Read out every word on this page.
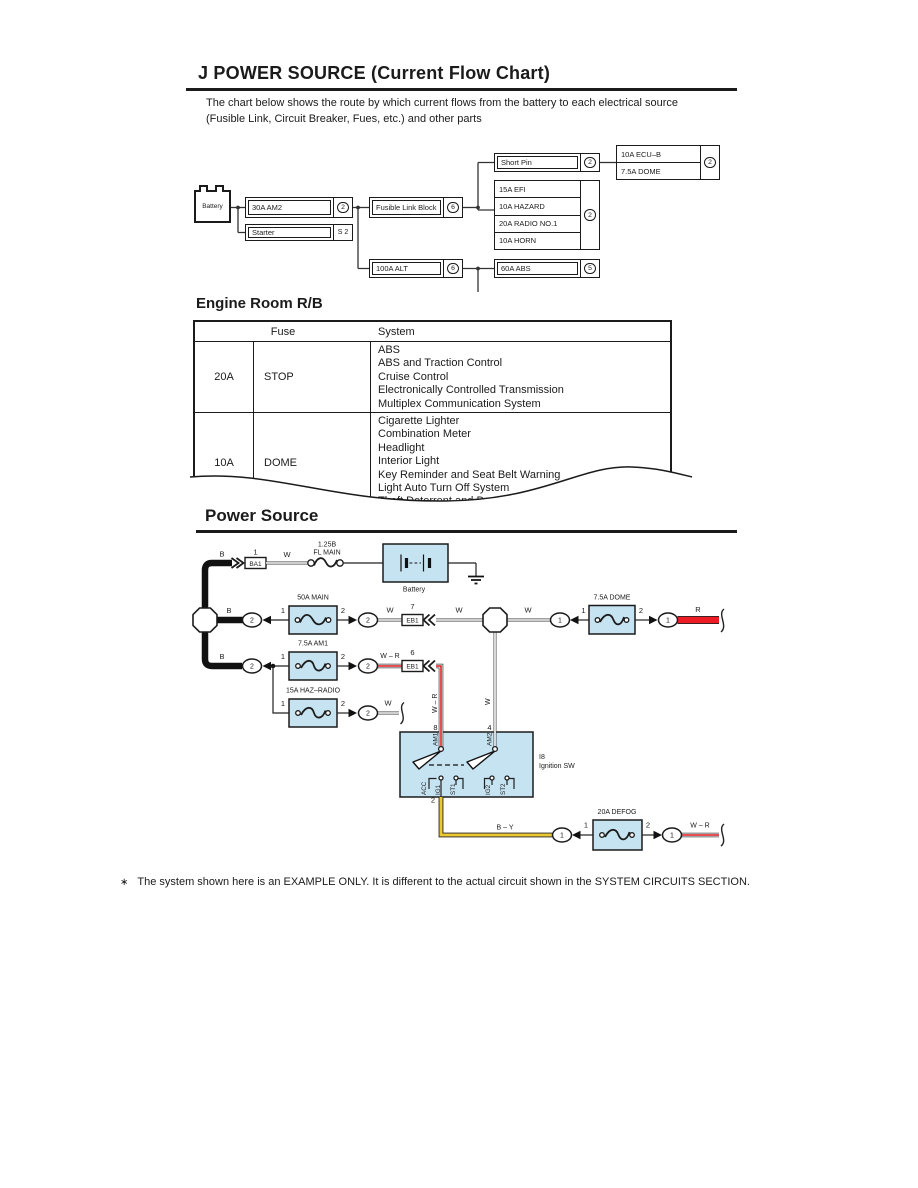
J POWER SOURCE (Current Flow Chart)
The chart below shows the route by which current flows from the battery to each electrical source
(Fusible Link, Circuit Breaker, Fues, etc.) and other parts
Battery	30A AM2	2
Starter	S 2
Fusible Link Block	6
100A ALT	6
Short Pin	2
15A EFI
10A HAZARD
20A RADIO NO.1
10A HORN
2
10A ECU–B
7.5A DOME
2
60A ABS	5
Engine Room R/B
Fuse	System
20A	STOP
ABS
ABS and Traction Control
Cruise Control
Electronically Controlled Transmission
Multiplex Communication System
10A	DOME
Cigarette Lighter
Combination Meter
Headlight
Interior Light
Key Reminder and Seat Belt Warning
Light Auto Turn Off System
Power Source
B	1
BA1
W
1.25B
FL MAIN
Battery
B
2
1
50A MAIN
2
2
W 7
EB1
W	W
1
1
7.5A DOME
2
1
R
B
2
1
7.5A AM1
2
2
W – R 6
EB1
W – R	W
8	4
1
15A HAZ–RADIO
2
2
W
AM1	AM2
ACC IG1 ST1	IG2 ST2
I8
Ignition SW
2
B – Y
1
1
20A DEFOG
2
1
W – R
∗ The system shown here is an EXAMPLE ONLY. It is different to the actual circuit shown in the SYSTEM CIRCUITS SECTION.
